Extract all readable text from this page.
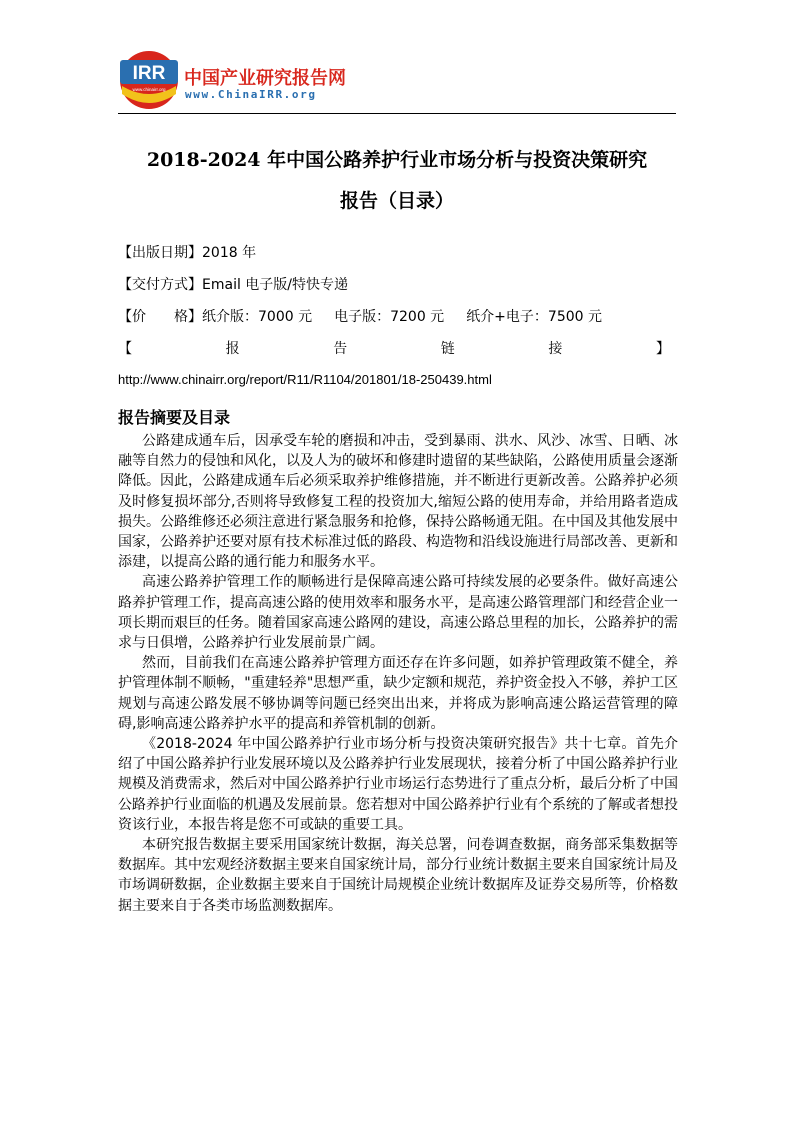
IRR
www.chinairr.org
中国产业研究报告网
www.ChinaIRR.org
2018-2024 年中国公路养护行业市场分析与投资决策研究
报告（目录）
【出版日期】2018 年
【交付方式】Email 电子版/特快专递
【价　　格】纸介版：7000 元 电子版：7200 元 纸介+电子：7500 元
【	报	告	链	接	】
http://www.chinairr.org/report/R11/R1104/201801/18-250439.html
报告摘要及目录

公路建成通车后，因承受车轮的磨损和冲击，受到暴雨、洪水、风沙、冰雪、日晒、冰融等自然力的侵蚀和风化，以及人为的破坏和修建时遗留的某些缺陷，公路使用质量会逐渐降低。因此，公路建成通车后必须采取养护维修措施，并不断进行更新改善。公路养护必须及时修复损坏部分,否则将导致修复工程的投资加大,缩短公路的使用寿命，并给用路者造成损失。公路维修还必须注意进行紧急服务和抢修，保持公路畅通无阻。在中国及其他发展中国家，公路养护还要对原有技术标准过低的路段、构造物和沿线设施进行局部改善、更新和添建，以提高公路的通行能力和服务水平。

高速公路养护管理工作的顺畅进行是保障高速公路可持续发展的必要条件。做好高速公路养护管理工作，提高高速公路的使用效率和服务水平，是高速公路管理部门和经营企业一项长期而艰巨的任务。随着国家高速公路网的建设，高速公路总里程的加长，公路养护的需求与日俱增，公路养护行业发展前景广阔。

然而，目前我们在高速公路养护管理方面还存在许多问题，如养护管理政策不健全，养护管理体制不顺畅，"重建轻养"思想严重，缺少定额和规范，养护资金投入不够，养护工区规划与高速公路发展不够协调等问题已经突出出来，并将成为影响高速公路运营管理的障碍,影响高速公路养护水平的提高和养管机制的创新。

《2018-2024 年中国公路养护行业市场分析与投资决策研究报告》共十七章。首先介绍了中国公路养护行业发展环境以及公路养护行业发展现状，接着分析了中国公路养护行业规模及消费需求，然后对中国公路养护行业市场运行态势进行了重点分析，最后分析了中国公路养护行业面临的机遇及发展前景。您若想对中国公路养护行业有个系统的了解或者想投资该行业，本报告将是您不可或缺的重要工具。

本研究报告数据主要采用国家统计数据，海关总署，问卷调查数据，商务部采集数据等数据库。其中宏观经济数据主要来自国家统计局，部分行业统计数据主要来自国家统计局及市场调研数据，企业数据主要来自于国统计局规模企业统计数据库及证券交易所等，价格数据主要来自于各类市场监测数据库。
